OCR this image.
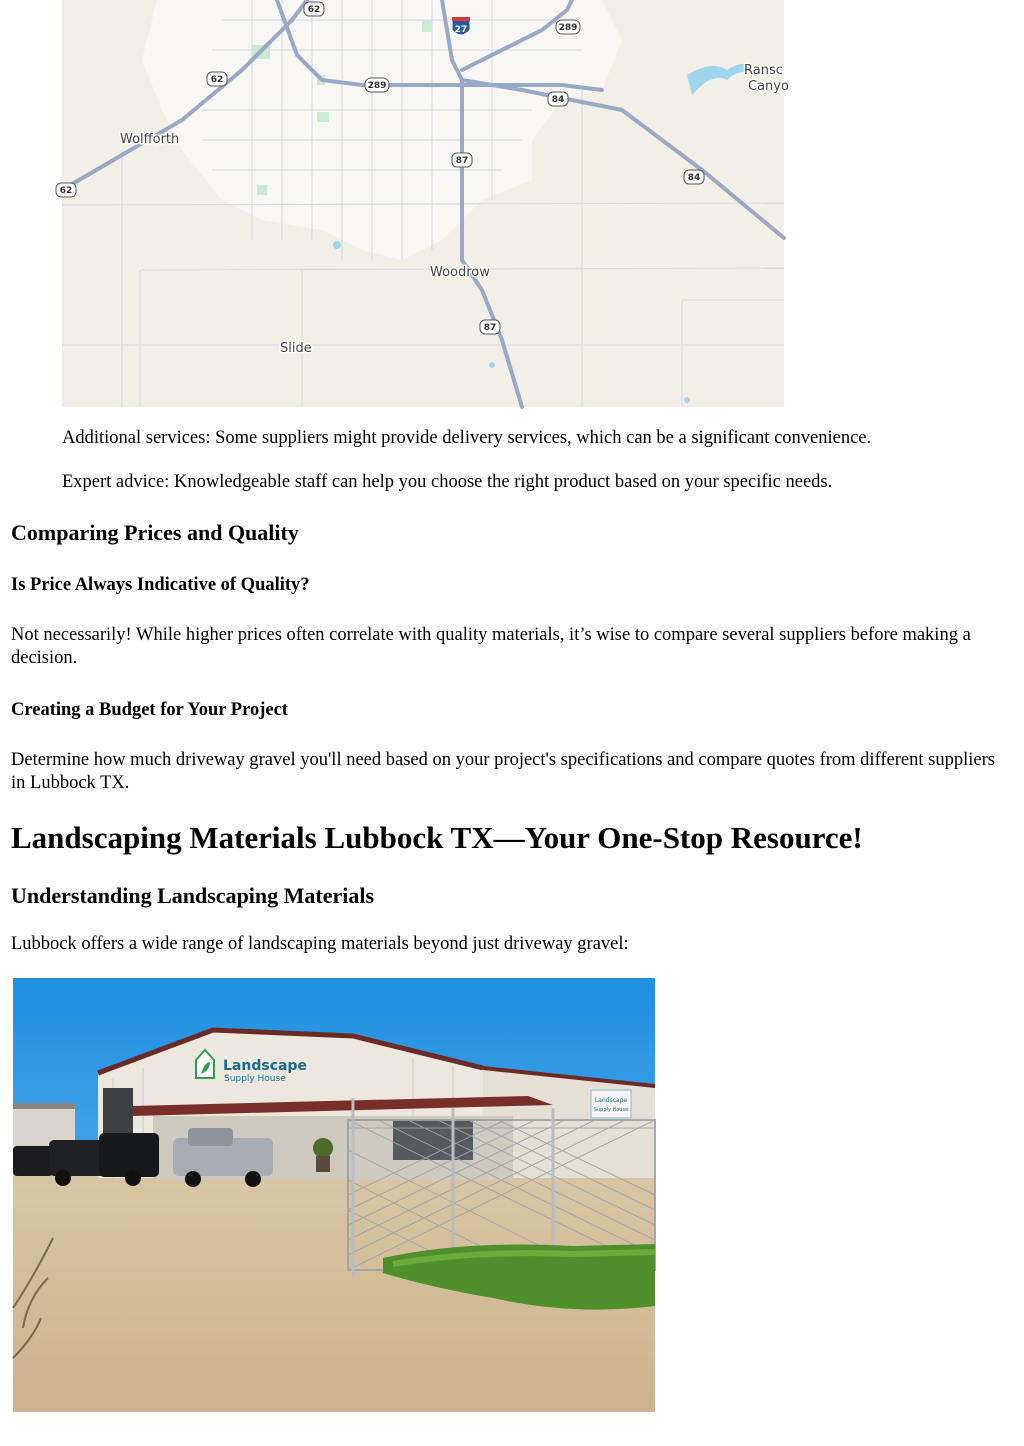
62
27	289
62
289
84
87
84
62
87
Wolfforth
Woodrow
Slide
Ransc
Canyo

Additional services: Some suppliers might provide delivery services, which can be a significant convenience.

Expert advice: Knowledgeable staff can help you choose the right product based on your specific needs.

Comparing Prices and Quality
Is Price Always Indicative of Quality?

Not necessarily! While higher prices often correlate with quality materials, it’s wise to compare several suppliers before making a decision.

Creating a Budget for Your Project

Determine how much driveway gravel you'll need based on your project's specifications and compare quotes from different suppliers in Lubbock TX.

Landscaping Materials Lubbock TX—Your One-Stop Resource!
Understanding Landscaping Materials

Lubbock offers a wide range of landscaping materials beyond just driveway gravel:

Landscape
Supply House
Landscape
Supply House
